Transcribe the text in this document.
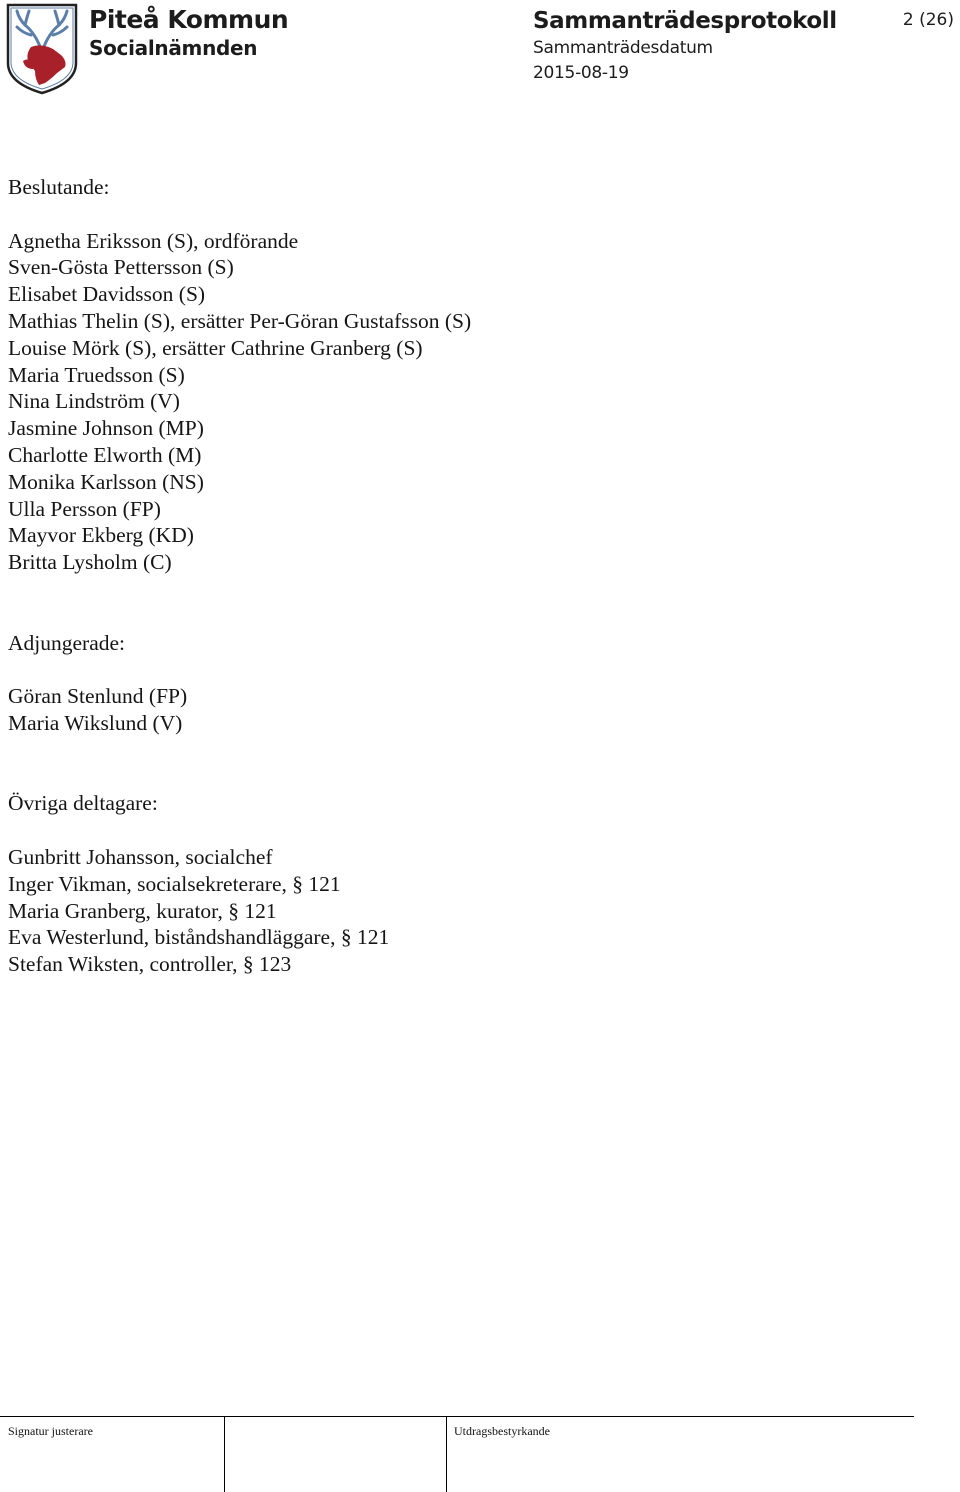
Piteå Kommun
Socialnämnden
Sammanträdesprotokoll
Sammanträdesdatum
2015-08-19
2 (26)
Beslutande:
Agnetha Eriksson (S), ordförande
Sven-Gösta Pettersson (S)
Elisabet Davidsson (S)
Mathias Thelin (S), ersätter Per-Göran Gustafsson (S)
Louise Mörk (S), ersätter Cathrine Granberg (S)
Maria Truedsson (S)
Nina Lindström (V)
Jasmine Johnson (MP)
Charlotte Elworth (M)
Monika Karlsson (NS)
Ulla Persson (FP)
Mayvor Ekberg (KD)
Britta Lysholm (C)
Adjungerade:
Göran Stenlund (FP)
Maria Wikslund (V)
Övriga deltagare:
Gunbritt Johansson, socialchef
Inger Vikman, socialsekreterare, § 121
Maria Granberg, kurator, § 121
Eva Westerlund, biståndshandläggare, § 121
Stefan Wiksten, controller, § 123
Signatur justerare	Utdragsbestyrkande
